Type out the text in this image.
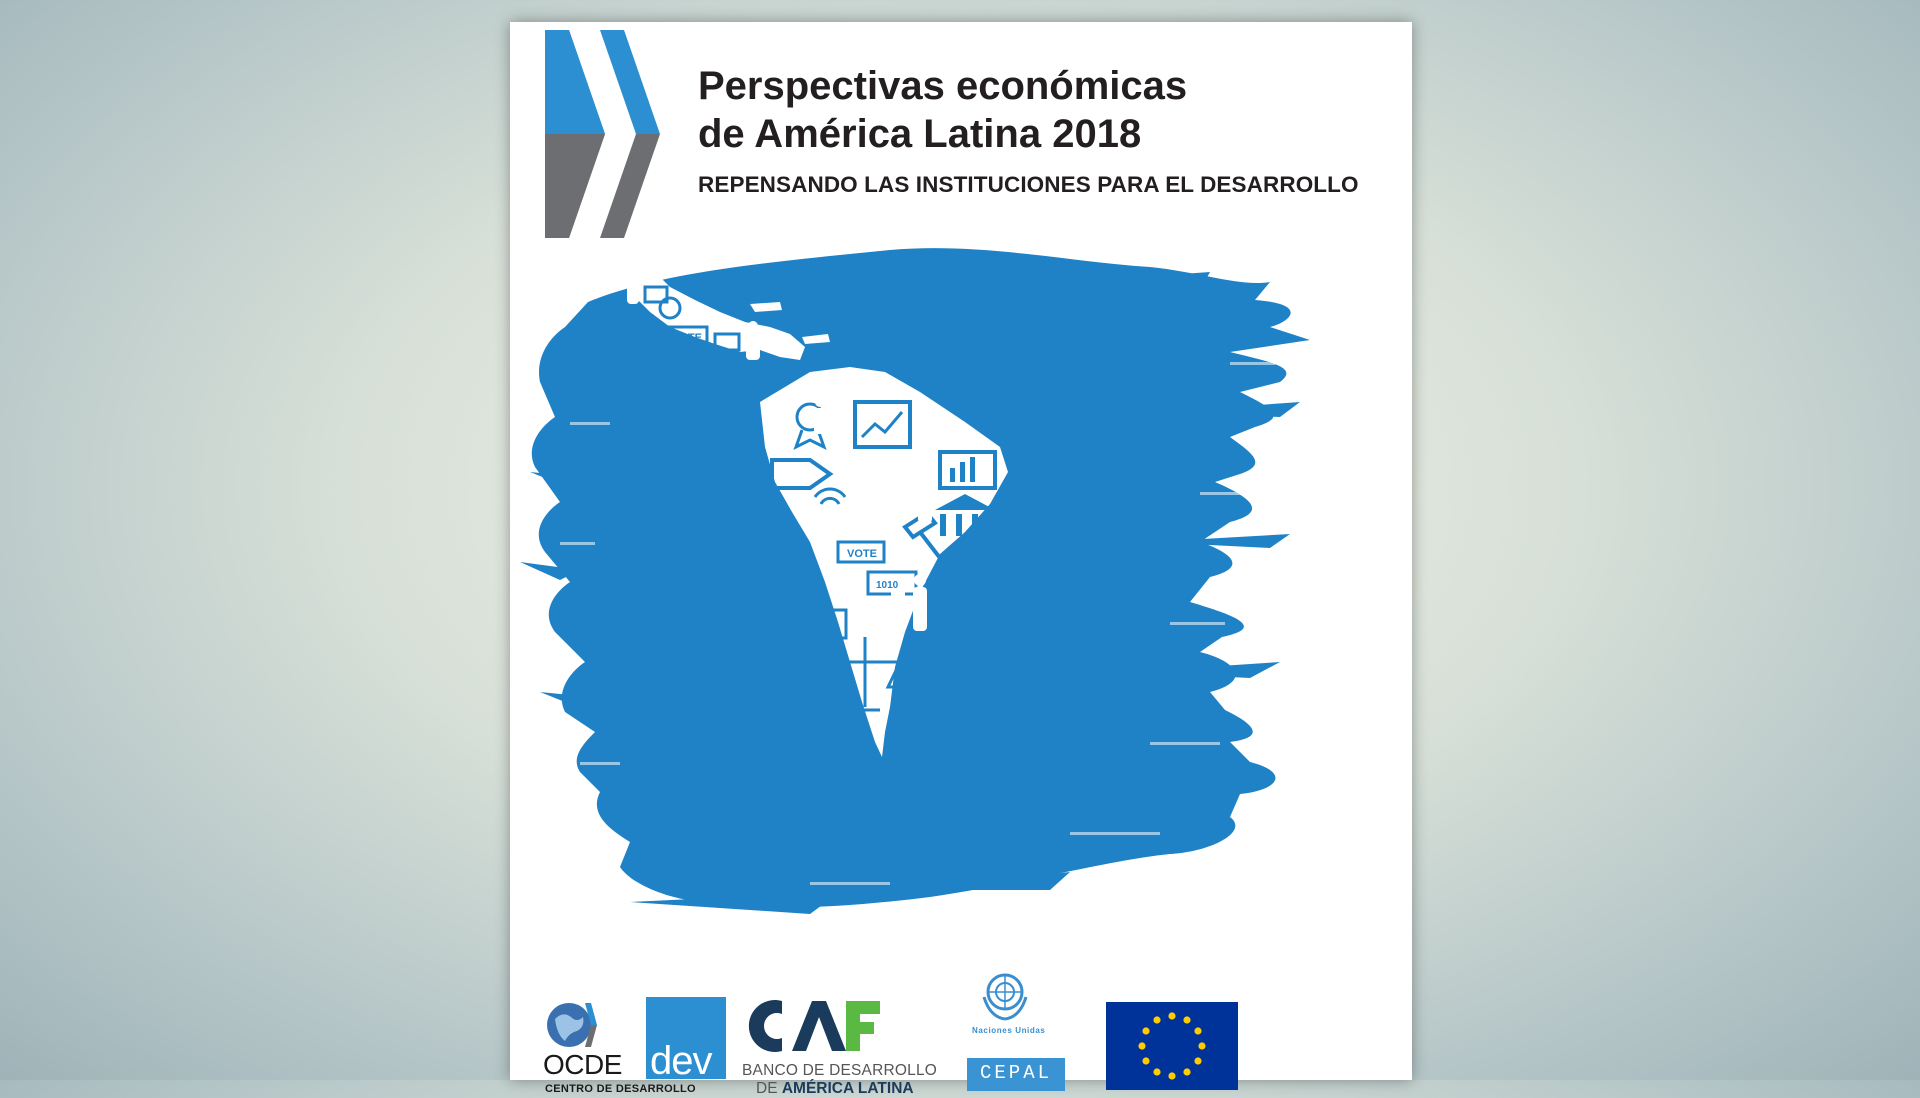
Perspectivas económicas
de América Latina 2018
REPENSANDO LAS INSTITUCIONES PARA EL DESARROLLO
VOTE
VOTE
1010
OCDE dev
CENTRO DE DESARROLLO
BANCO DE DESARROLLO
DE AMÉRICA LATINA
Naciones Unidas
CEPAL
